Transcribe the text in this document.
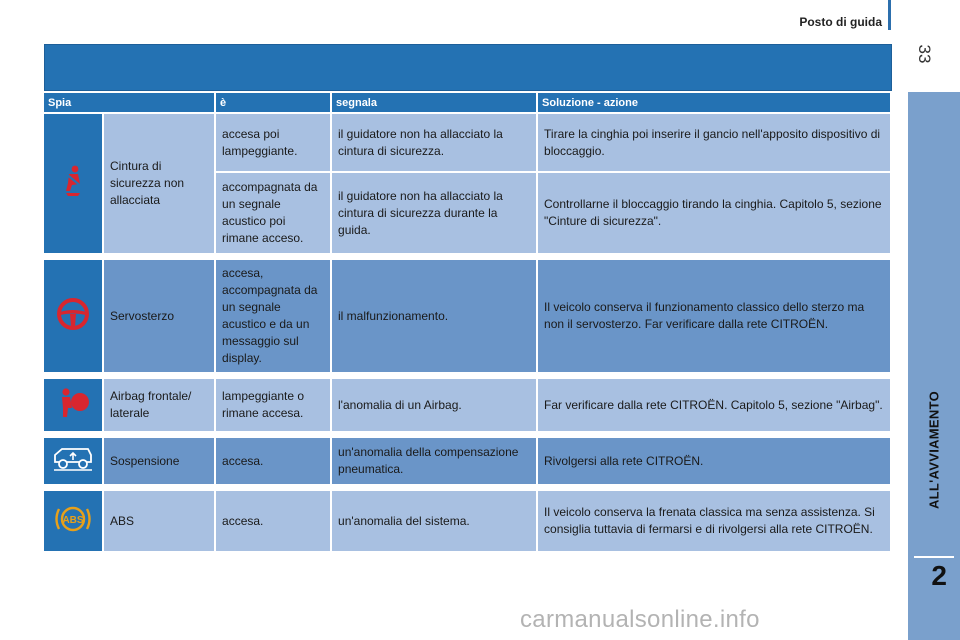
Posto di guida
33
ALL'AVVIAMENTO
2
Spia		è	segnala	Soluzione - azione
	Cintura di sicurezza non allacciata	accesa poi lampeggiante.	il guidatore non ha allacciato la cintura di sicurezza.	Tirare la cinghia poi inserire il gancio nell'apposito dispositivo di bloccaggio.
		accompagnata da un segnale acustico poi rimane acceso.	il guidatore non ha allacciato la cintura di sicurezza durante la guida.	Controllarne il bloccaggio tirando la cinghia. Capitolo 5, sezione "Cinture di sicurezza".

	Servosterzo	accesa, accompagnata da un segnale acustico e da un messaggio sul display.	il malfunzionamento.	Il veicolo conserva il funzionamento classico dello sterzo ma non il servosterzo. Far verificare dalla rete CITROËN.

	Airbag frontale/ laterale	lampeggiante o rimane accesa.	l'anomalia di un Airbag.	Far verificare dalla rete CITROËN. Capitolo 5, sezione "Airbag".

	Sospensione	accesa.	un'anomalia della compensazione pneumatica.	Rivolgersi alla rete CITROËN.

ABS	ABS	accesa.	un'anomalia del sistema.	Il veicolo conserva la frenata classica ma senza assistenza. Si consiglia tuttavia di fermarsi e di rivolgersi alla rete CITROËN.
carmanualsonline.info
